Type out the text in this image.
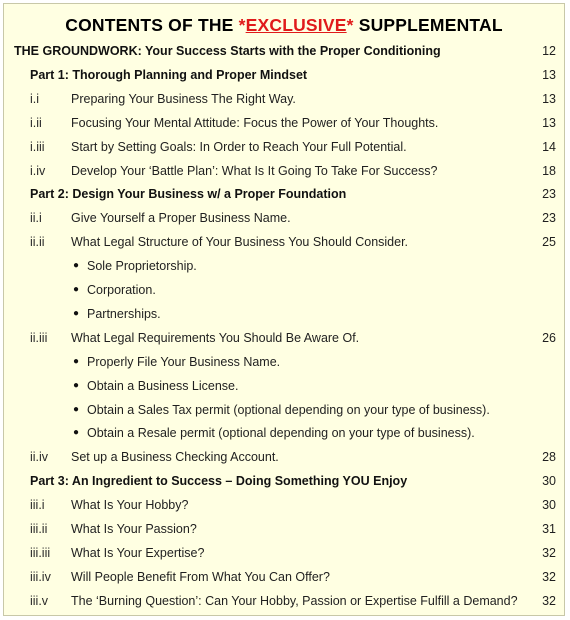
CONTENTS OF THE *EXCLUSIVE* SUPPLEMENTAL
THE GROUNDWORK: Your Success Starts with the Proper Conditioning	12
Part 1: Thorough Planning and Proper Mindset	13
i.i	Preparing Your Business The Right Way.	13
i.ii Focusing Your Mental Attitude: Focus the Power of Your Thoughts.	13
i.iii Start by Setting Goals: In Order to Reach Your Full Potential.	14
i.iv Develop Your ‘Battle Plan’: What Is It Going To Take For Success?	18
Part 2: Design Your Business w/ a Proper Foundation	23
ii.i Give Yourself a Proper Business Name.	23
ii.ii What Legal Structure of Your Business You Should Consider.	25
● Sole Proprietorship.
● Corporation.
● Partnerships.
ii.iii What Legal Requirements You Should Be Aware Of.	26
● Properly File Your Business Name.
● Obtain a Business License.
● Obtain a Sales Tax permit (optional depending on your type of business).
● Obtain a Resale permit (optional depending on your type of business).
ii.iv Set up a Business Checking Account.	28
Part 3: An Ingredient to Success – Doing Something YOU Enjoy	30
iii.i What Is Your Hobby?	30
iii.ii What Is Your Passion?	31
iii.iii What Is Your Expertise?	32
iii.iv Will People Benefit From What You Can Offer?	32
iii.v The ‘Burning Question’: Can Your Hobby, Passion or Expertise Fulfill a Demand? 32
